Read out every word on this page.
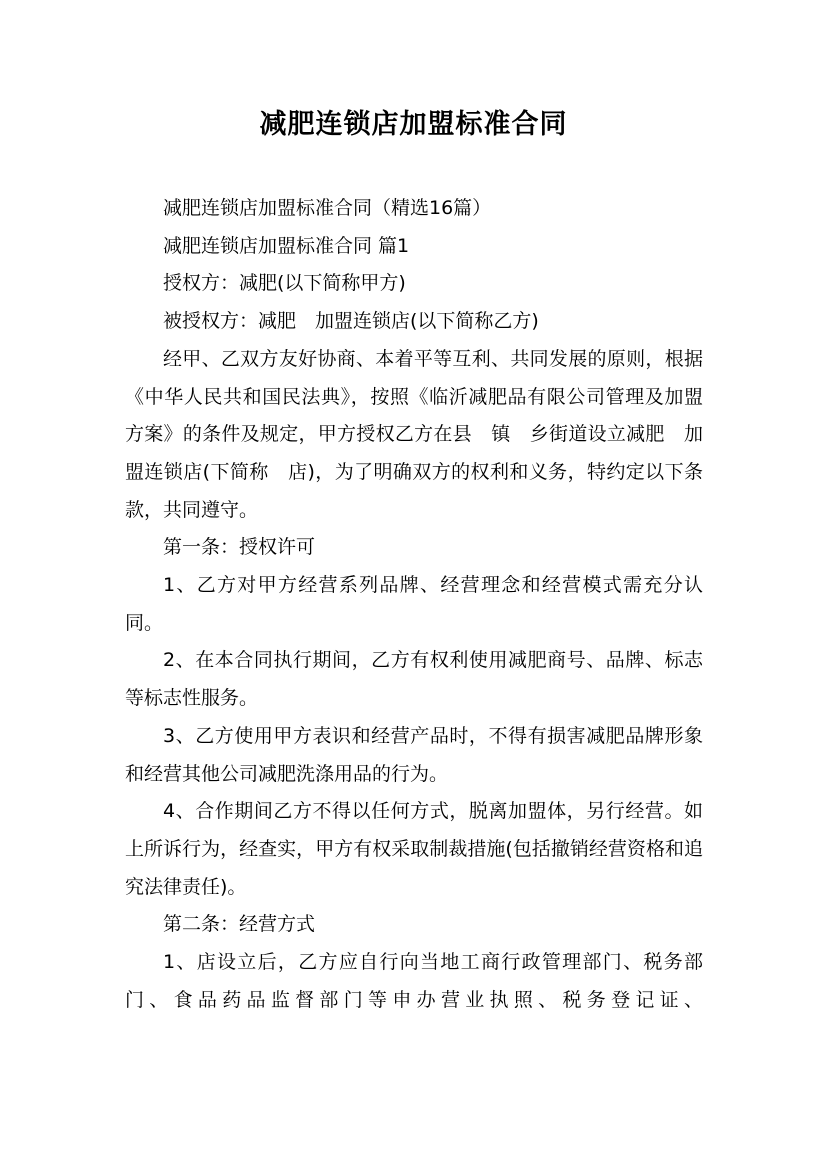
减肥连锁店加盟标准合同

减肥连锁店加盟标准合同（精选16篇）

减肥连锁店加盟标准合同 篇1

授权方：减肥(以下简称甲方)

被授权方：减肥　加盟连锁店(以下简称乙方)

经甲、乙双方友好协商、本着平等互利、共同发展的原则，根据《中华人民共和国民法典》，按照《临沂减肥品有限公司管理及加盟方案》的条件及规定，甲方授权乙方在县　镇　乡街道设立减肥　加盟连锁店(下简称　店)，为了明确双方的权利和义务，特约定以下条款，共同遵守。

第一条：授权许可

1、乙方对甲方经营系列品牌、经营理念和经营模式需充分认同。

2、在本合同执行期间，乙方有权利使用减肥商号、品牌、标志等标志性服务。

3、乙方使用甲方表识和经营产品时，不得有损害减肥品牌形象和经营其他公司减肥洗涤用品的行为。

4、合作期间乙方不得以任何方式，脱离加盟体，另行经营。如上所诉行为，经查实，甲方有权采取制裁措施(包括撤销经营资格和追究法律责任)。

第二条：经营方式

1、店设立后，乙方应自行向当地工商行政管理部门、税务部门、食品药品监督部门等申办营业执照、税务登记证、
